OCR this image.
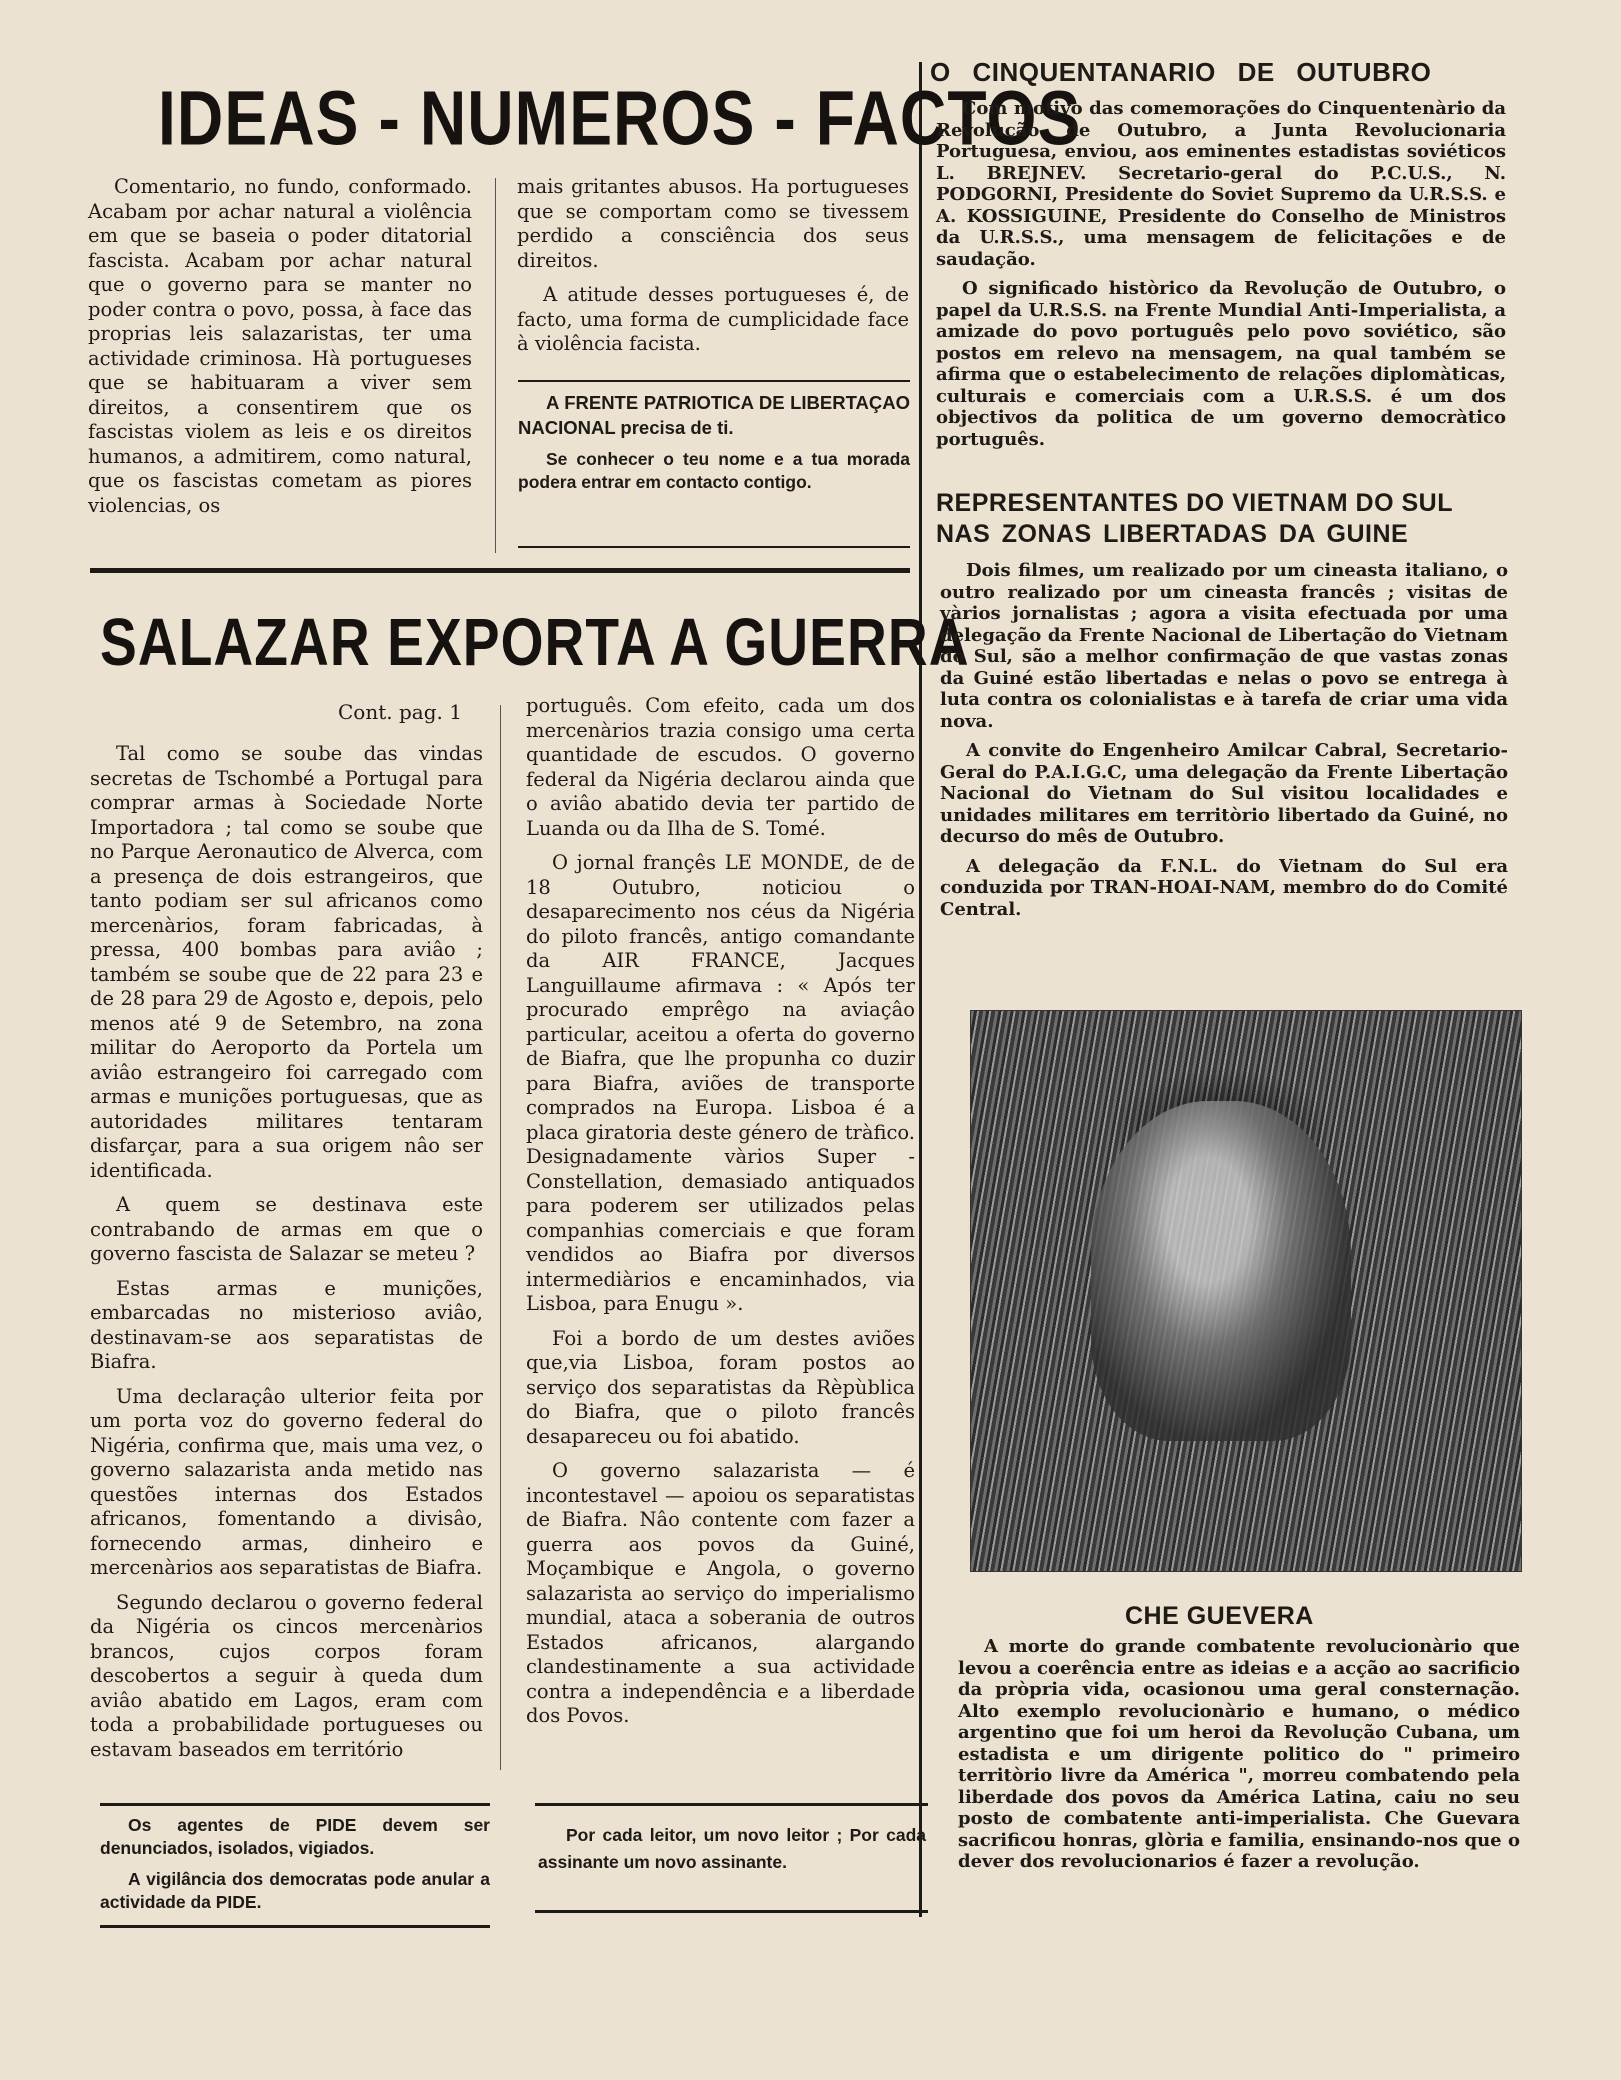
IDEAS - NUMEROS - FACTOS

Comentario, no fundo, conformado. Acabam por achar natural a violência em que se baseia o poder ditatorial fascista. Acabam por achar natural que o governo para se manter no poder contra o povo, possa, à face das proprias leis salazaristas, ter uma actividade criminosa. Hà portugueses que se habituaram a viver sem direitos, a consentirem que os fascistas violem as leis e os direitos humanos, a admitirem, como natural, que os fascistas cometam as piores violencias, os

mais gritantes abusos. Ha portugueses que se comportam como se tivessem perdido a consciência dos seus direitos.

A atitude desses portugueses é, de facto, uma forma de cumplicidade face à violência facista.

A FRENTE PATRIOTICA DE LIBERTAÇAO NACIONAL precisa de ti.

Se conhecer o teu nome e a tua morada podera entrar em contacto contigo.

SALAZAR EXPORTA A GUERRA
Cont. pag. 1

Tal como se soube das vindas secretas de Tschombé a Portugal para comprar armas à Sociedade Norte Importadora ; tal como se soube que no Parque Aeronautico de Alverca, com a presença de dois estrangeiros, que tanto podiam ser sul africanos como mercenàrios, foram fabricadas, à pressa, 400 bombas para aviâo ; também se soube que de 22 para 23 e de 28 para 29 de Agosto e, depois, pelo menos até 9 de Setembro, na zona militar do Aeroporto da Portela um aviâo estrangeiro foi carregado com armas e munições portuguesas, que as autoridades militares tentaram disfarçar, para a sua origem nâo ser identificada.

A quem se destinava este contrabando de armas em que o governo fascista de Salazar se meteu ?

Estas armas e munições, embarcadas no misterioso aviâo, destinavam-se aos separatistas de Biafra.

Uma declaraçâo ulterior feita por um porta voz do governo federal do Nigéria, confirma que, mais uma vez, o governo salazarista anda metido nas questões internas dos Estados africanos, fomentando a divisâo, fornecendo armas, dinheiro e mercenàrios aos separatistas de Biafra.

Segundo declarou o governo federal da Nigéria os cincos mercenàrios brancos, cujos corpos foram descobertos a seguir à queda dum aviâo abatido em Lagos, eram com toda a probabilidade portugueses ou estavam baseados em território

português. Com efeito, cada um dos mercenàrios trazia consigo uma certa quantidade de escudos. O governo federal da Nigéria declarou ainda que o aviâo abatido devia ter partido de Luanda ou da Ilha de S. Tomé.

O jornal françês LE MONDE, de de 18 Outubro, noticiou o desaparecimento nos céus da Nigéria do piloto francês, antigo comandante da AIR FRANCE, Jacques Languillaume afirmava : « Após ter procurado emprêgo na aviaçâo particular, aceitou a oferta do governo de Biafra, que lhe propunha co duzir para Biafra, aviões de transporte comprados na Europa. Lisboa é a placa giratoria deste género de tràfico. Designadamente vàrios Super - Constellation, demasiado antiquados para poderem ser utilizados pelas companhias comerciais e que foram vendidos ao Biafra por diversos intermediàrios e encaminhados, via Lisboa, para Enugu ».

Foi a bordo de um destes aviões que,via Lisboa, foram postos ao serviço dos separatistas da Rèpùblica do Biafra, que o piloto francês desapareceu ou foi abatido.

O governo salazarista — é incontestavel — apoiou os separatistas de Biafra. Nâo contente com fazer a guerra aos povos da Guiné, Moçambique e Angola, o governo salazarista ao serviço do imperialismo mundial, ataca a soberania de outros Estados africanos, alargando clandestinamente a sua actividade contra a independência e a liberdade dos Povos.

Os agentes de PIDE devem ser denunciados, isolados, vigiados.

A vigilância dos democratas pode anular a actividade da PIDE.

Por cada leitor, um novo leitor ; Por cada assinante um novo assinante.

O CINQUENTANARIO DE OUTUBRO

Com motivo das comemorações do Cinquentenàrio da Revolução de Outubro, a Junta Revolucionaria Portuguesa, enviou, aos eminentes estadistas soviéticos L. BREJNEV. Secretario-geral do P.C.U.S., N. PODGORNI, Presidente do Soviet Supremo da U.R.S.S. e A. KOSSIGUINE, Presidente do Conselho de Ministros da U.R.S.S., uma mensagem de felicitações e de saudação.

O significado històrico da Revolução de Outubro, o papel da U.R.S.S. na Frente Mundial Anti-Imperialista, a amizade do povo português pelo povo soviético, são postos em relevo na mensagem, na qual também se afirma que o estabelecimento de relações diplomàticas, culturais e comerciais com a U.R.S.S. é um dos objectivos da politica de um governo democràtico português.

REPRESENTANTES DO VIETNAM DO SUL
NAS ZONAS LIBERTADAS DA GUINE

Dois filmes, um realizado por um cineasta italiano, o outro realizado por um cineasta francês ; visitas de vàrios jornalistas ; agora a visita efectuada por uma delegação da Frente Nacional de Libertação do Vietnam do Sul, são a melhor confirmação de que vastas zonas da Guiné estão libertadas e nelas o povo se entrega à luta contra os colonialistas e à tarefa de criar uma vida nova.

A convite do Engenheiro Amilcar Cabral, Secretario-Geral do P.A.I.G.C, uma delegação da Frente Libertação Nacional do Vietnam do Sul visitou localidades e unidades militares em territòrio libertado da Guiné, no decurso do mês de Outubro.

A delegação da F.N.L. do Vietnam do Sul era conduzida por TRAN-HOAI-NAM, membro do do Comité Central.

CHE GUEVERA

A morte do grande combatente revolucionàrio que levou a coerência entre as ideias e a acção ao sacrificio da pròpria vida, ocasionou uma geral consternação. Alto exemplo revolucionàrio e humano, o médico argentino que foi um heroi da Revolução Cubana, um estadista e um dirigente politico do " primeiro territòrio livre da América ", morreu combatendo pela liberdade dos povos da América Latina, caiu no seu posto de combatente anti-imperialista. Che Guevara sacrificou honras, glòria e familia, ensinando-nos que o dever dos revolucionarios é fazer a revolução.
